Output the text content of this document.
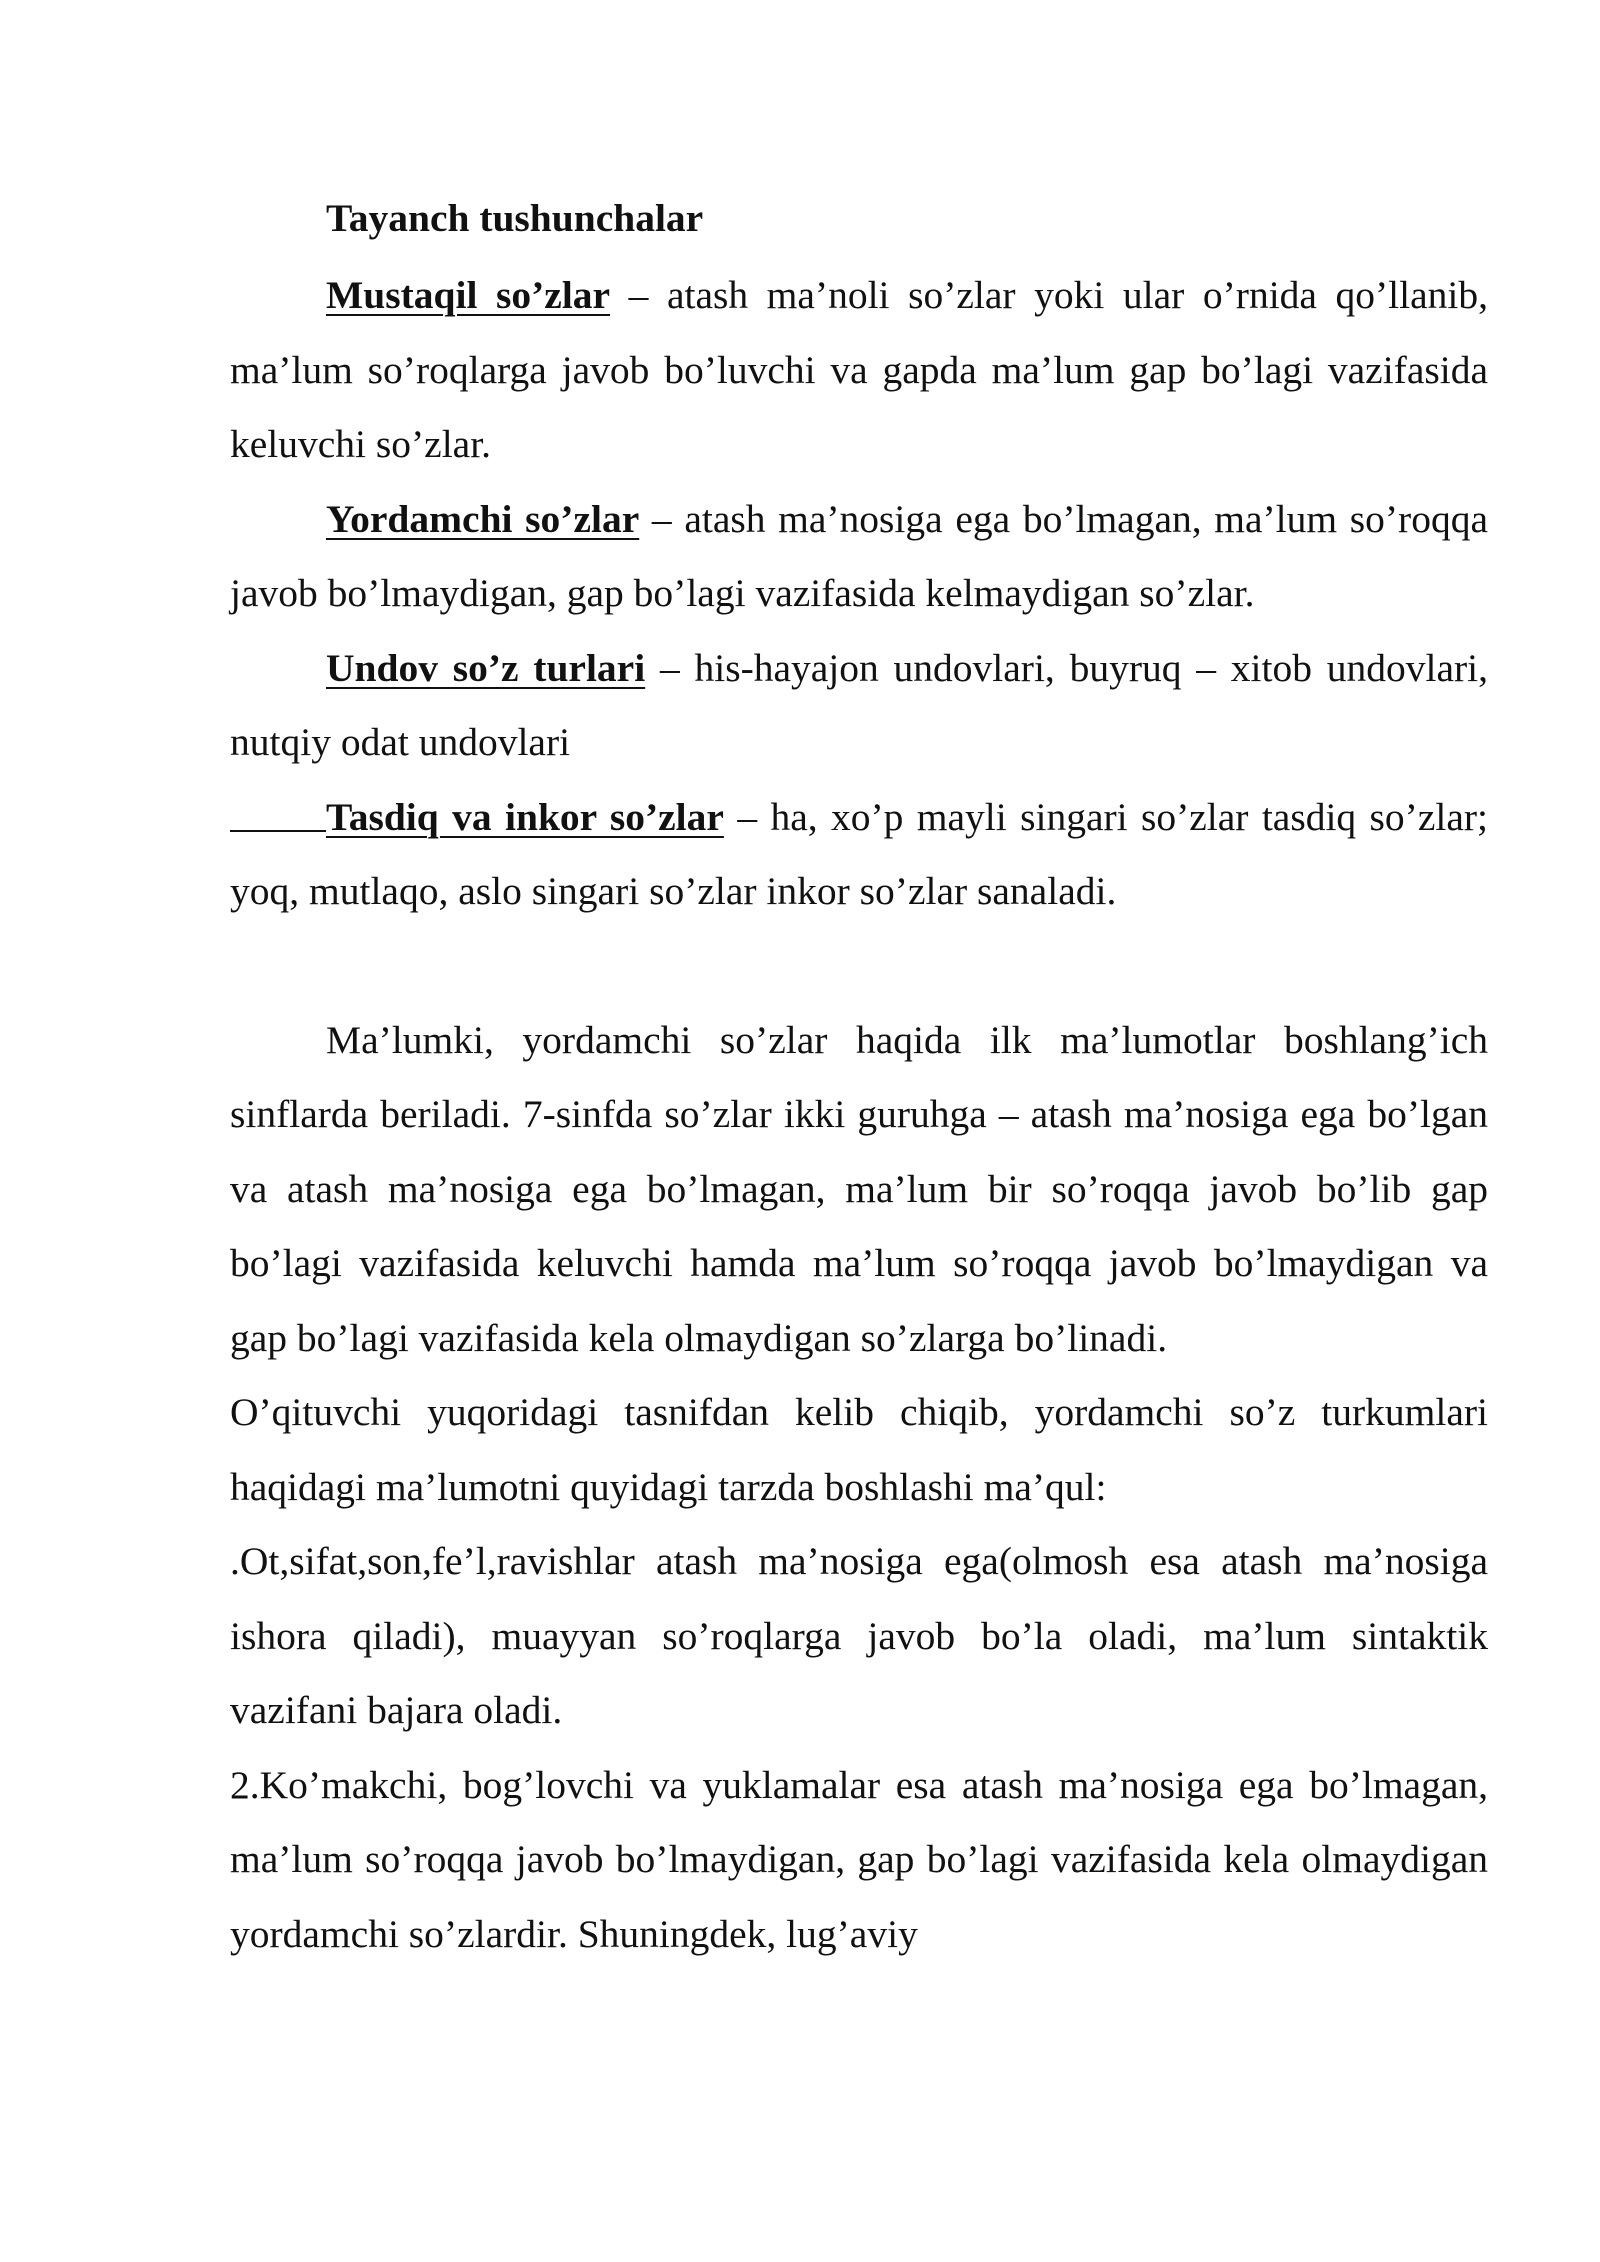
Tayanch tushunchalar

Mustaqil so’zlar – atash ma’noli so’zlar yoki ular o’rnida qo’llanib, ma’lum so’roqlarga javob bo’luvchi va gapda ma’lum gap bo’lagi vazifasida keluvchi so’zlar.

Yordamchi so’zlar – atash ma’nosiga ega bo’lmagan, ma’lum so’roqqa javob bo’lmaydigan, gap bo’lagi vazifasida kelmaydigan so’zlar.

Undov so’z turlari – his-hayajon undovlari, buyruq – xitob undovlari, nutqiy odat undovlari

Tasdiq va inkor so’zlar – ha, xo’p mayli singari so’zlar tasdiq so’zlar; yoq, mutlaqo, aslo singari so’zlar inkor so’zlar sanaladi.

Ma’lumki, yordamchi so’zlar haqida ilk ma’lumotlar boshlang’ich sinflarda beriladi. 7-sinfda so’zlar ikki guruhga – atash ma’nosiga ega bo’lgan va atash ma’nosiga ega bo’lmagan, ma’lum bir so’roqqa javob bo’lib gap bo’lagi vazifasida keluvchi hamda ma’lum so’roqqa javob bo’lmaydigan va gap bo’lagi vazifasida kela olmaydigan so’zlarga bo’linadi.

O’qituvchi yuqoridagi tasnifdan kelib chiqib, yordamchi so’z turkumlari haqidagi ma’lumotni quyidagi tarzda boshlashi ma’qul:

.Ot,sifat,son,fe’l,ravishlar atash ma’nosiga ega(olmosh esa atash ma’nosiga ishora qiladi), muayyan so’roqlarga javob bo’la oladi, ma’lum sintaktik vazifani bajara oladi.

2.Ko’makchi, bog’lovchi va yuklamalar esa atash ma’nosiga ega bo’lmagan, ma’lum so’roqqa javob bo’lmaydigan, gap bo’lagi vazifasida kela olmaydigan yordamchi so’zlardir. Shuningdek, lug’aviy
